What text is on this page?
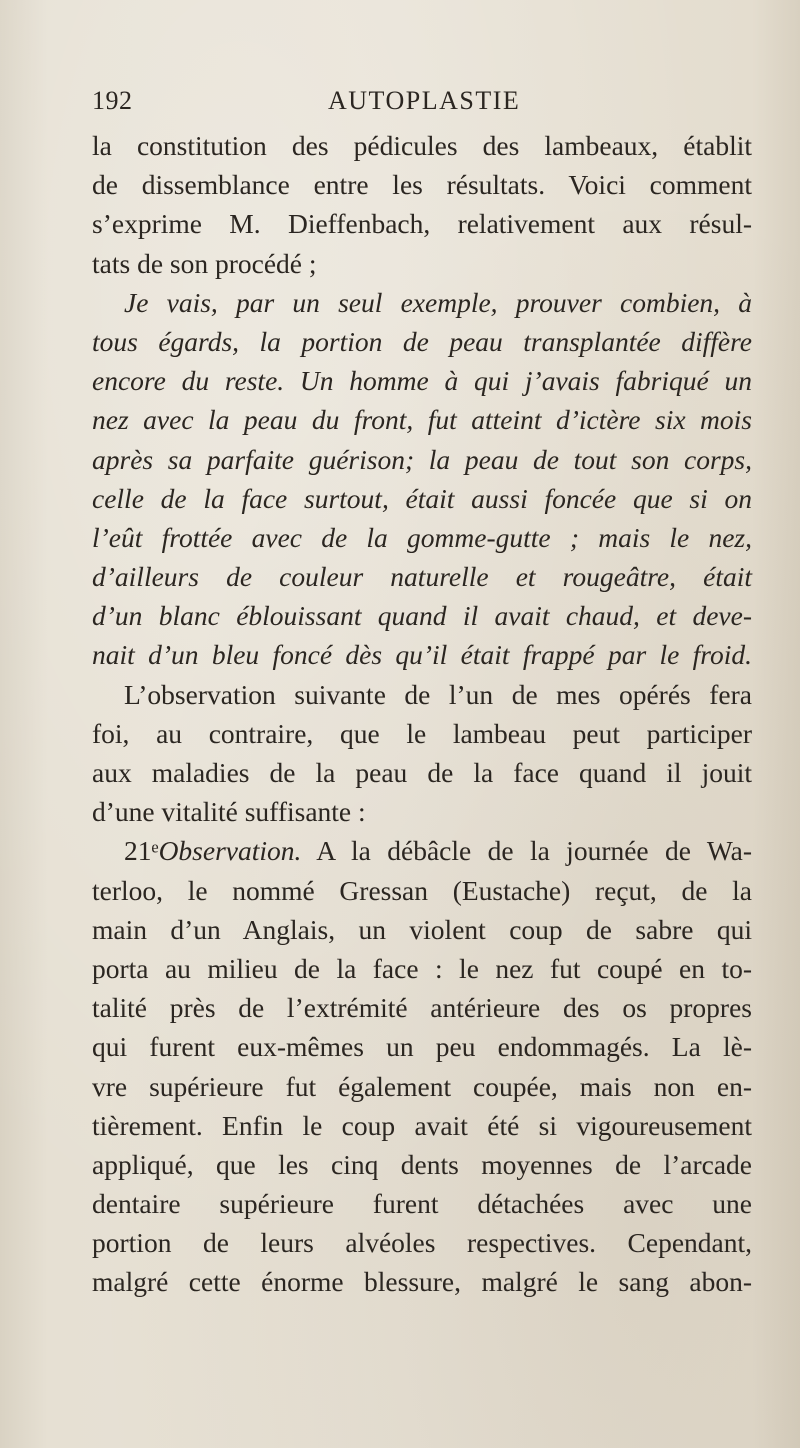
192	AUTOPLASTIE
la constitution des pédicules des lambeaux, établit
de dissemblance entre les résultats. Voici comment
s’exprime M. Dieffenbach, relativement aux résul-
tats de son procédé ;
Je vais, par un seul exemple, prouver combien, à
tous égards, la portion de peau transplantée diffère
encore du reste. Un homme à qui j’avais fabriqué un
nez avec la peau du front, fut atteint d’ictère six mois
après sa parfaite guérison; la peau de tout son corps,
celle de la face surtout, était aussi foncée que si on
l’eût frottée avec de la gomme-gutte ; mais le nez,
d’ailleurs de couleur naturelle et rougeâtre, était
d’un blanc éblouissant quand il avait chaud, et deve-
nait d’un bleu foncé dès qu’il était frappé par le froid.
L’observation suivante de l’un de mes opérés fera
foi, au contraire, que le lambeau peut participer
aux maladies de la peau de la face quand il jouit
d’une vitalité suffisante :
21ᵉObservation. A la débâcle de la journée de Wa-
terloo, le nommé Gressan (Eustache) reçut, de la
main d’un Anglais, un violent coup de sabre qui
porta au milieu de la face : le nez fut coupé en to-
talité près de l’extrémité antérieure des os propres
qui furent eux-mêmes un peu endommagés. La lè-
vre supérieure fut également coupée, mais non en-
tièrement. Enfin le coup avait été si vigoureusement
appliqué, que les cinq dents moyennes de l’arcade
dentaire supérieure furent détachées avec une
portion de leurs alvéoles respectives. Cependant,
malgré cette énorme blessure, malgré le sang abon-
